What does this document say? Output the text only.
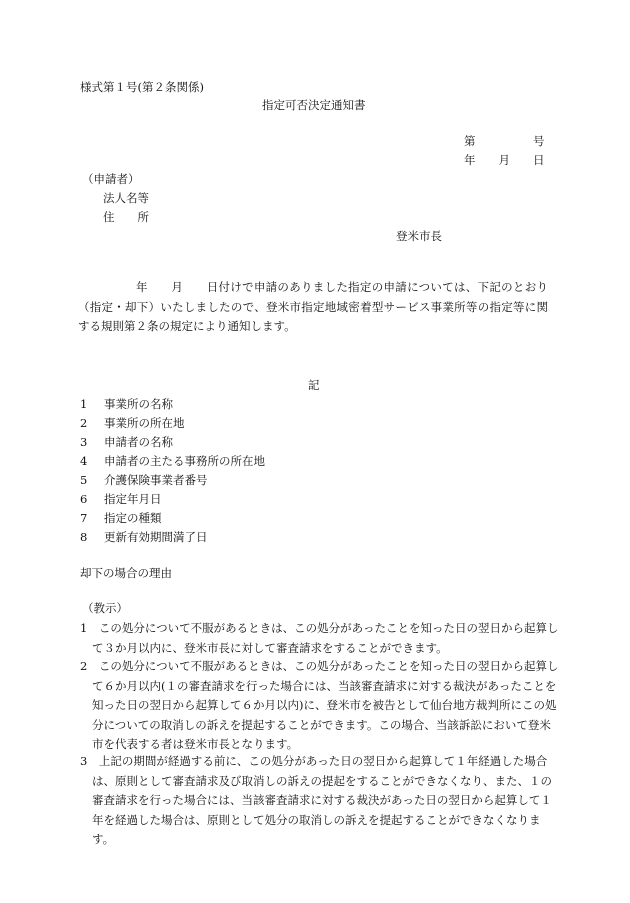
様式第１号(第２条関係)
指定可否決定通知書
第　　　　　号
年　　月　　日
（申請者）
法人名等
住　　所
登米市長
年　　月　　日付けで申請のありました指定の申請については、下記のとおり（指定・却下）いたしましたので、登米市指定地域密着型サービス事業所等の指定等に関する規則第２条の規定により通知します。
記
1 事業所の名称
2 事業所の所在地
3 申請者の名称
4 申請者の主たる事務所の所在地
5 介護保険事業者番号
6 指定年月日
7 指定の種類
8 更新有効期間満了日
却下の場合の理由
（教示）
1　この処分について不服があるときは、この処分があったことを知った日の翌日から起算して３か月以内に、登米市長に対して審査請求をすることができます。
2　この処分について不服があるときは、この処分があったことを知った日の翌日から起算して６か月以内(１の審査請求を行った場合には、当該審査請求に対する裁決があったことを知った日の翌日から起算して６か月以内)に、登米市を被告として仙台地方裁判所にこの処分についての取消しの訴えを提起することができます。この場合、当該訴訟において登米市を代表する者は登米市長となります。
3　上記の期間が経過する前に、この処分があった日の翌日から起算して１年経過した場合は、原則として審査請求及び取消しの訴えの提起をすることができなくなり、また、１の審査請求を行った場合には、当該審査請求に対する裁決があった日の翌日から起算して１年を経過した場合は、原則として処分の取消しの訴えを提起することができなくなります。
